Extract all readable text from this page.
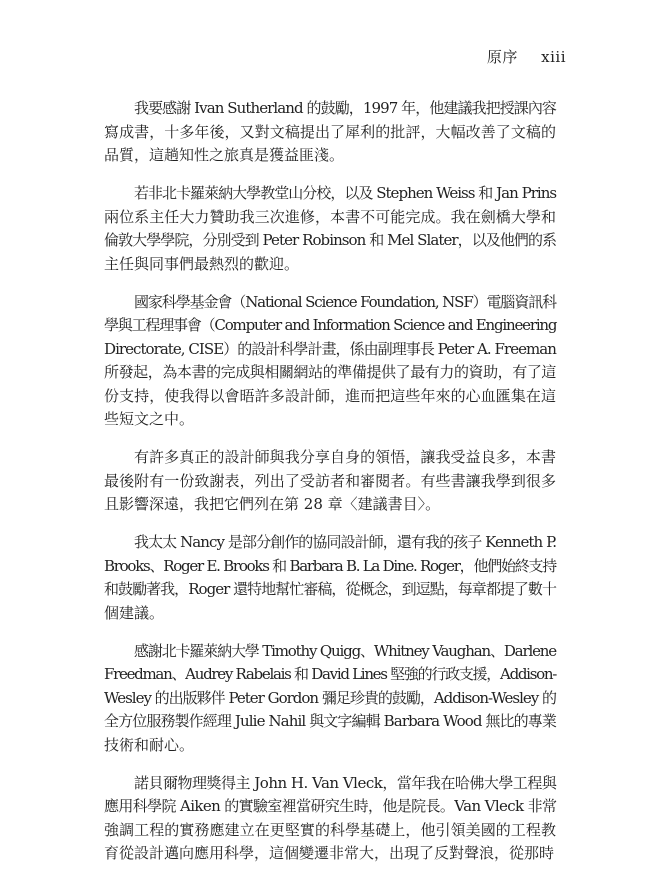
原序 xiii
我要感謝 Ivan Sutherland 的鼓勵，1997 年，他建議我把授課內容
寫成書，十多年後，又對文稿提出了犀利的批評，大幅改善了文稿的
品質，這趟知性之旅真是獲益匪淺。
若非北卡羅萊納大學教堂山分校，以及 Stephen Weiss 和 Jan Prins
兩位系主任大力贊助我三次進修，本書不可能完成。我在劍橋大學和
倫敦大學學院，分別受到 Peter Robinson 和 Mel Slater，以及他們的系
主任與同事們最熱烈的歡迎。
國家科學基金會（National Science Foundation, NSF）電腦資訊科
學與工程理事會（Computer and Information Science and Engineering
Directorate, CISE）的設計科學計畫，係由副理事長 Peter A. Freeman
所發起，為本書的完成與相關網站的準備提供了最有力的資助，有了這
份支持，使我得以會晤許多設計師，進而把這些年來的心血匯集在這
些短文之中。
有許多真正的設計師與我分享自身的領悟，讓我受益良多，本書
最後附有一份致謝表，列出了受訪者和審閱者。有些書讓我學到很多
且影響深遠，我把它們列在第 28 章〈建議書目〉。
我太太 Nancy 是部分創作的協同設計師，還有我的孩子 Kenneth P.
Brooks、Roger E. Brooks 和 Barbara B. La Dine. Roger，他們始終支持
和鼓勵著我，Roger 還特地幫忙審稿，從概念，到逗點，每章都提了數十
個建議。
感謝北卡羅萊納大學 Timothy Quigg、Whitney Vaughan、Darlene
Freedman、Audrey Rabelais 和 David Lines 堅強的行政支援，Addison-
Wesley 的出版夥伴 Peter Gordon 彌足珍貴的鼓勵，Addison-Wesley 的
全方位服務製作經理 Julie Nahil 與文字編輯 Barbara Wood 無比的專業
技術和耐心。
諾貝爾物理獎得主 John H. Van Vleck，當年我在哈佛大學工程與
應用科學院 Aiken 的實驗室裡當研究生時，他是院長。Van Vleck 非常
強調工程的實務應建立在更堅實的科學基礎上，他引領美國的工程教
育從設計邁向應用科學，這個變遷非常大，出現了反對聲浪，從那時
